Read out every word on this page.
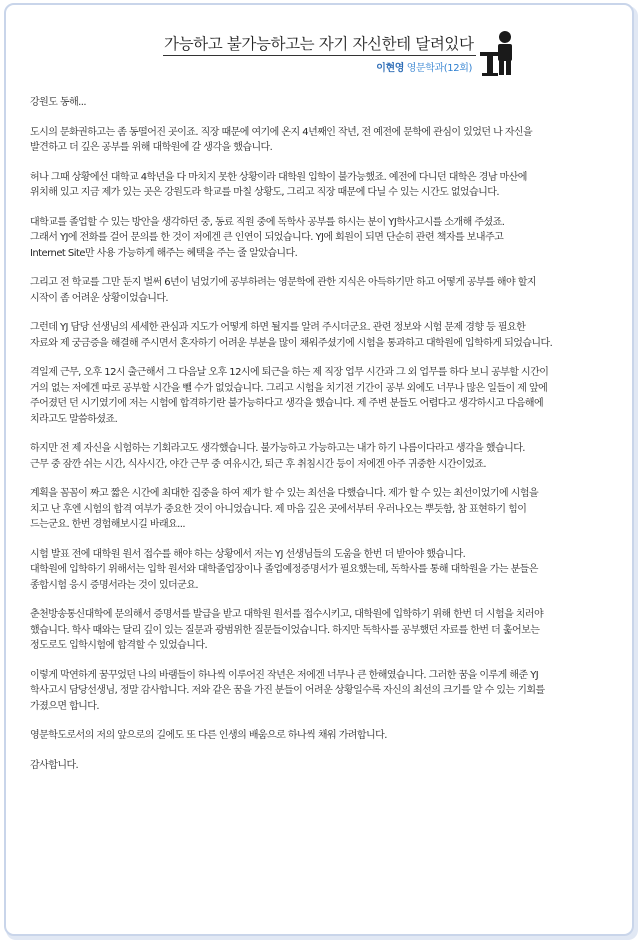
가능하고 불가능하고는 자기 자신한테 달려있다
이현영 영문학과(12회)

강원도 동해...

도시의 문화권하고는 좀 동떨어진 곳이죠. 직장 때문에 여기에 온지 4년째인 작년, 전 예전에 문학에 관심이 있었던 나 자신을
발견하고 더 깊은 공부를 위해 대학원에 갈 생각을 했습니다.

허나 그때 상황에선 대학교 4학년을 다 마치지 못한 상황이라 대학원 입학이 불가능했죠. 예전에 다니던 대학은 경남 마산에
위치해 있고 지금 제가 있는 곳은 강원도라 학교를 마칠 상황도, 그리고 직장 때문에 다닐 수 있는 시간도 없었습니다.

대학교를 졸업할 수 있는 방안을 생각하던 중, 동료 직원 중에 독학사 공부를 하시는 분이 YJ학사고시를 소개해 주셨죠.
그래서 YJ에 전화를 걸어 문의를 한 것이 저에겐 큰 인연이 되었습니다. YJ에 회원이 되면 단순히 관련 책자를 보내주고
Internet Site만 사용 가능하게 해주는 혜택을 주는 줄 알았습니다.

그리고 전 학교를 그만 둔지 벌써 6년이 넘었기에 공부하려는 영문학에 관한 지식은 아득하기만 하고 어떻게 공부를 해야 할지
시작이 좀 어려운 상황이었습니다.

그런데 YJ 담당 선생님의 세세한 관심과 지도가 어떻게 하면 될지를 알려 주시더군요. 관련 정보와 시험 문제 경향 등 필요한
자료와 제 궁금증을 해결해 주시면서 혼자하기 어려운 부분을 많이 채워주셨기에 시험을 통과하고 대학원에 입학하게 되었습니다.

격일제 근무, 오후 12시 출근해서 그 다음날 오후 12시에 퇴근을 하는 제 직장 업무 시간과 그 외 업무를 하다 보니 공부할 시간이
거의 없는 저에겐 따로 공부할 시간을 뺄 수가 없었습니다. 그리고 시험을 치기전 기간이 공부 외에도 너무나 많은 일들이 제 앞에
주어졌던 던 시기였기에 저는 시험에 합격하기란 불가능하다고 생각을 했습니다. 제 주변 분들도 어렵다고 생각하시고 다음해에
치라고도 말씀하셨죠.

하지만 전 제 자신을 시험하는 기회라고도 생각했습니다. 불가능하고 가능하고는 내가 하기 나름이다라고 생각을 했습니다.
근무 중 잠깐 쉬는 시간, 식사시간, 야간 근무 중 여유시간, 퇴근 후 취침시간 등이 저에겐 아주 귀중한 시간이었죠.

계획을 꼼꼼이 짜고 짧은 시간에 최대한 집중을 하여 제가 할 수 있는 최선을 다했습니다. 제가 할 수 있는 최선이었기에 시험을
치고 난 후엔 시험의 합격 여부가 중요한 것이 아니었습니다. 제 마음 깊은 곳에서부터 우러나오는 뿌듯함, 참 표현하기 힘이
드는군요. 한번 경험해보시길 바래요...

시험 발표 전에 대학원 원서 접수를 해야 하는 상황에서 저는 YJ 선생님들의 도움을 한번 더 받아야 했습니다.
대학원에 입학하기 위해서는 입학 원서와 대학졸업장이나 졸업예정증명서가 필요했는데, 독학사를 통해 대학원을 가는 분들은
종합시험 응시 증명서라는 것이 있더군요.

춘천방송통신대학에 문의해서 증명서를 발급을 받고 대학원 원서를 접수시키고, 대학원에 입학하기 위해 한번 더 시험을 치러야
했습니다. 학사 때와는 달리 깊이 있는 질문과 광범위한 질문들이었습니다. 하지만 독학사를 공부했던 자료를 한번 더 훑어보는
정도로도 입학시험에 합격할 수 있었습니다.

이렇게 막연하게 꿈꾸었던 나의 바램들이 하나씩 이루어진 작년은 저에겐 너무나 큰 한해였습니다. 그러한 꿈을 이루게 해준 YJ
학사고시 담당선생님, 정말 감사합니다. 저와 같은 꿈을 가진 분들이 어려운 상황일수록 자신의 최선의 크기를 알 수 있는 기회를
가졌으면 합니다.

영문학도로서의 저의 앞으로의 길에도 또 다른 인생의 배움으로 하나씩 채워 가려합니다.

감사합니다.
